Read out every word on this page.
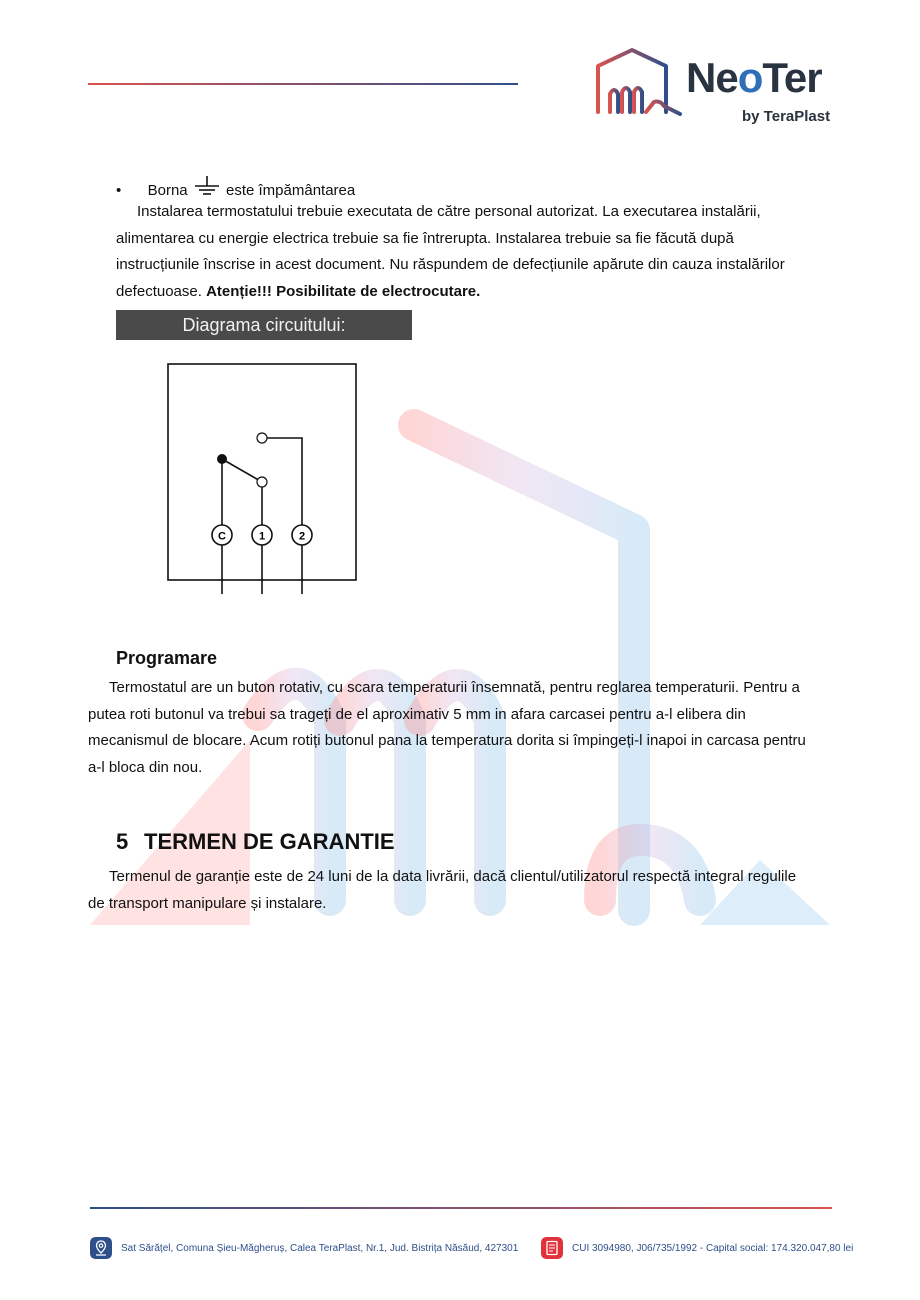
NeoTer
by TeraPlast
• Borna	este împământarea
Instalarea termostatului trebuie executata de către personal autorizat. La executarea instalării,
alimentarea cu energie electrica trebuie sa fie întrerupta. Instalarea trebuie sa fie făcută după
instrucțiunile înscrise in acest document. Nu răspundem de defecțiunile apărute din cauza instalărilor
defectuoase. Atenție!!! Posibilitate de electrocutare.
Diagrama circuitului:
C	1	2
Programare
Termostatul are un buton rotativ, cu scara temperaturii însemnată, pentru reglarea temperaturii. Pentru a
putea roti butonul va trebui sa trageți de el aproximativ 5 mm in afara carcasei pentru a-l elibera din
mecanismul de blocare. Acum rotiți butonul pana la temperatura dorita si împingeți-l inapoi in carcasa pentru
a-l bloca din nou.
5 TERMEN DE GARANTIE
Termenul de garanție este de 24 luni de la data livrării, dacă clientul/utilizatorul respectă integral regulile
de transport manipulare și instalare.
Sat Sărățel, Comuna Șieu-Măgheruș, Calea TeraPlast, Nr.1, Jud. Bistrița Năsăud, 427301	CUI 3094980, J06/735/1992 - Capital social: 174.320.047,80 lei
